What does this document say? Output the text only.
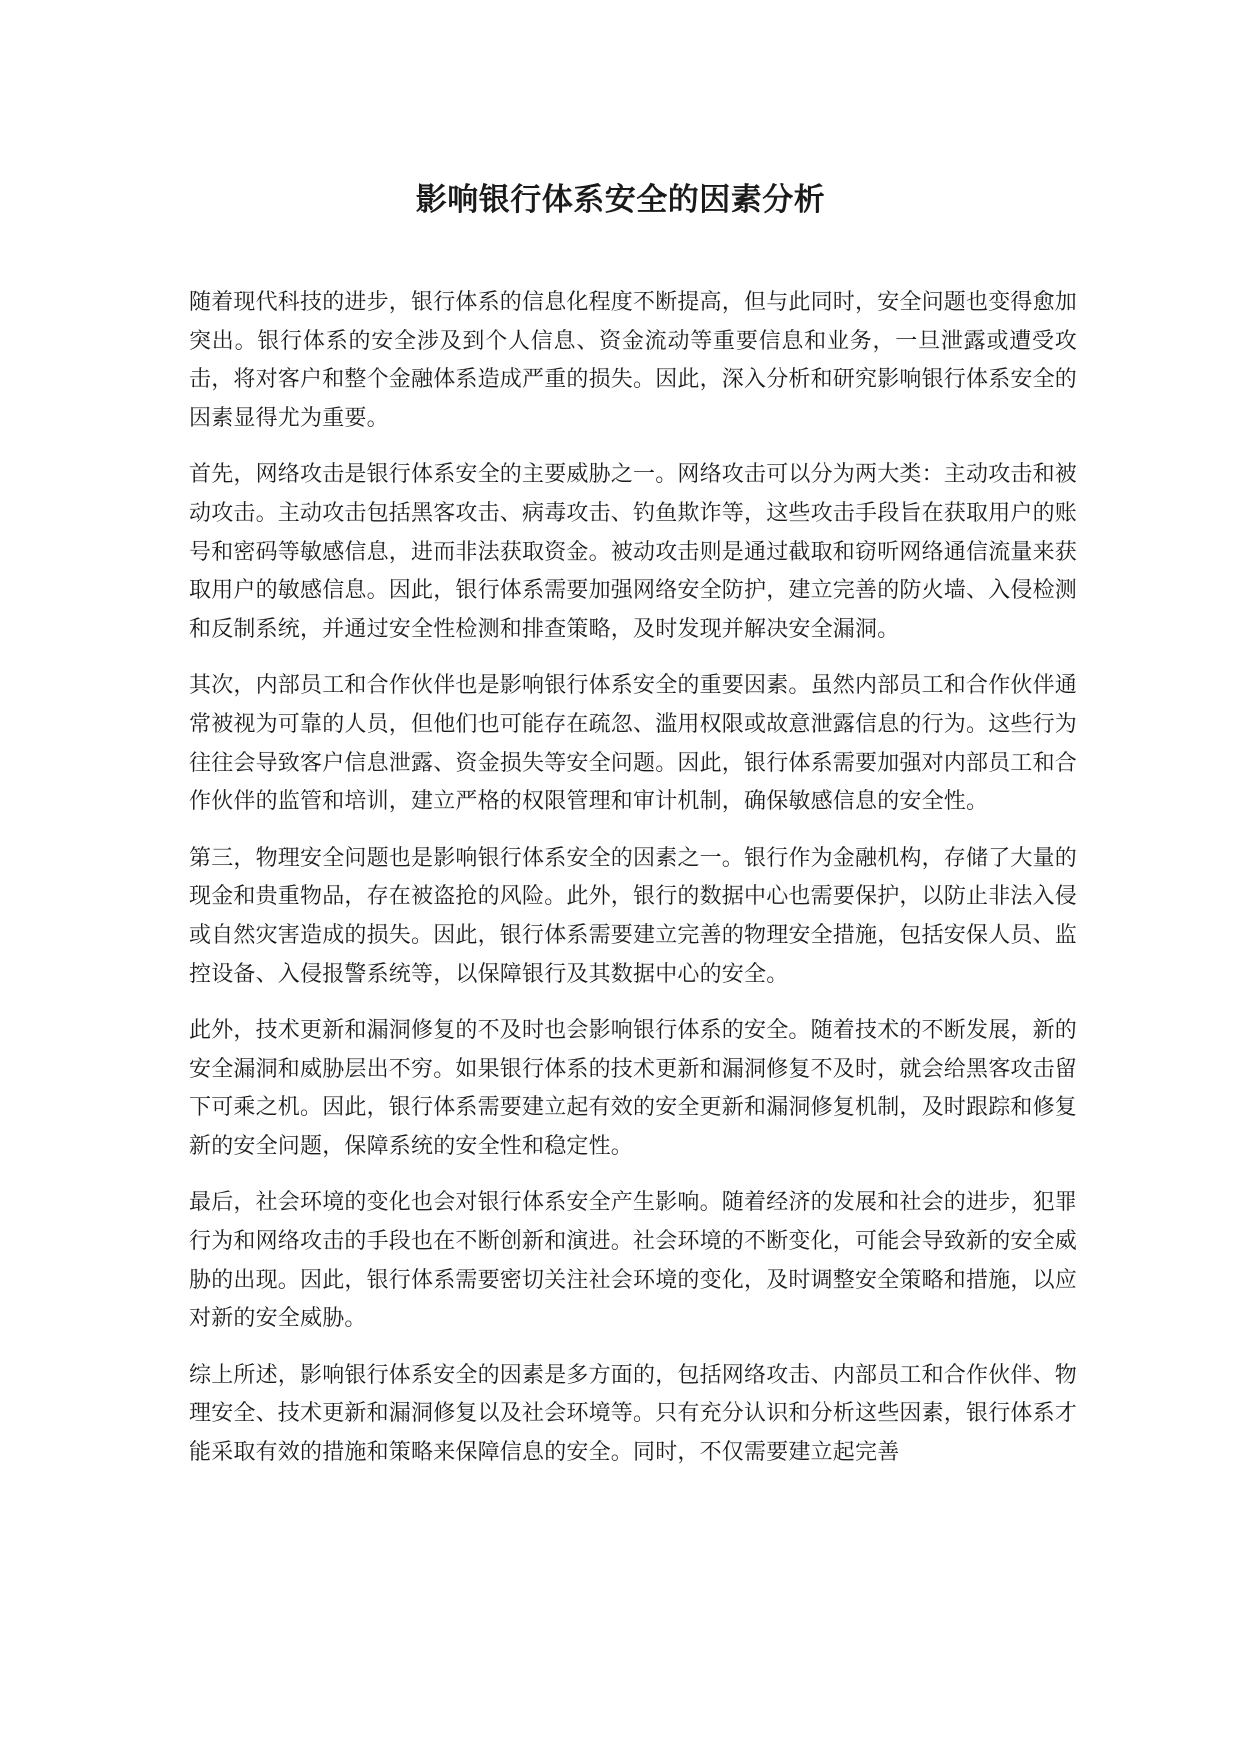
影响银行体系安全的因素分析

随着现代科技的进步，银行体系的信息化程度不断提高，但与此同时，安全问题也变得愈加突出。银行体系的安全涉及到个人信息、资金流动等重要信息和业务，一旦泄露或遭受攻击，将对客户和整个金融体系造成严重的损失。因此，深入分析和研究影响银行体系安全的因素显得尤为重要。

首先，网络攻击是银行体系安全的主要威胁之一。网络攻击可以分为两大类：主动攻击和被动攻击。主动攻击包括黑客攻击、病毒攻击、钓鱼欺诈等，这些攻击手段旨在获取用户的账号和密码等敏感信息，进而非法获取资金。被动攻击则是通过截取和窃听网络通信流量来获取用户的敏感信息。因此，银行体系需要加强网络安全防护，建立完善的防火墙、入侵检测和反制系统，并通过安全性检测和排查策略，及时发现并解决安全漏洞。

其次，内部员工和合作伙伴也是影响银行体系安全的重要因素。虽然内部员工和合作伙伴通常被视为可靠的人员，但他们也可能存在疏忽、滥用权限或故意泄露信息的行为。这些行为往往会导致客户信息泄露、资金损失等安全问题。因此，银行体系需要加强对内部员工和合作伙伴的监管和培训，建立严格的权限管理和审计机制，确保敏感信息的安全性。

第三，物理安全问题也是影响银行体系安全的因素之一。银行作为金融机构，存储了大量的现金和贵重物品，存在被盗抢的风险。此外，银行的数据中心也需要保护，以防止非法入侵或自然灾害造成的损失。因此，银行体系需要建立完善的物理安全措施，包括安保人员、监控设备、入侵报警系统等，以保障银行及其数据中心的安全。

此外，技术更新和漏洞修复的不及时也会影响银行体系的安全。随着技术的不断发展，新的安全漏洞和威胁层出不穷。如果银行体系的技术更新和漏洞修复不及时，就会给黑客攻击留下可乘之机。因此，银行体系需要建立起有效的安全更新和漏洞修复机制，及时跟踪和修复新的安全问题，保障系统的安全性和稳定性。

最后，社会环境的变化也会对银行体系安全产生影响。随着经济的发展和社会的进步，犯罪行为和网络攻击的手段也在不断创新和演进。社会环境的不断变化，可能会导致新的安全威胁的出现。因此，银行体系需要密切关注社会环境的变化，及时调整安全策略和措施，以应对新的安全威胁。

综上所述，影响银行体系安全的因素是多方面的，包括网络攻击、内部员工和合作伙伴、物理安全、技术更新和漏洞修复以及社会环境等。只有充分认识和分析这些因素，银行体系才能采取有效的措施和策略来保障信息的安全。同时，不仅需要建立起完善
